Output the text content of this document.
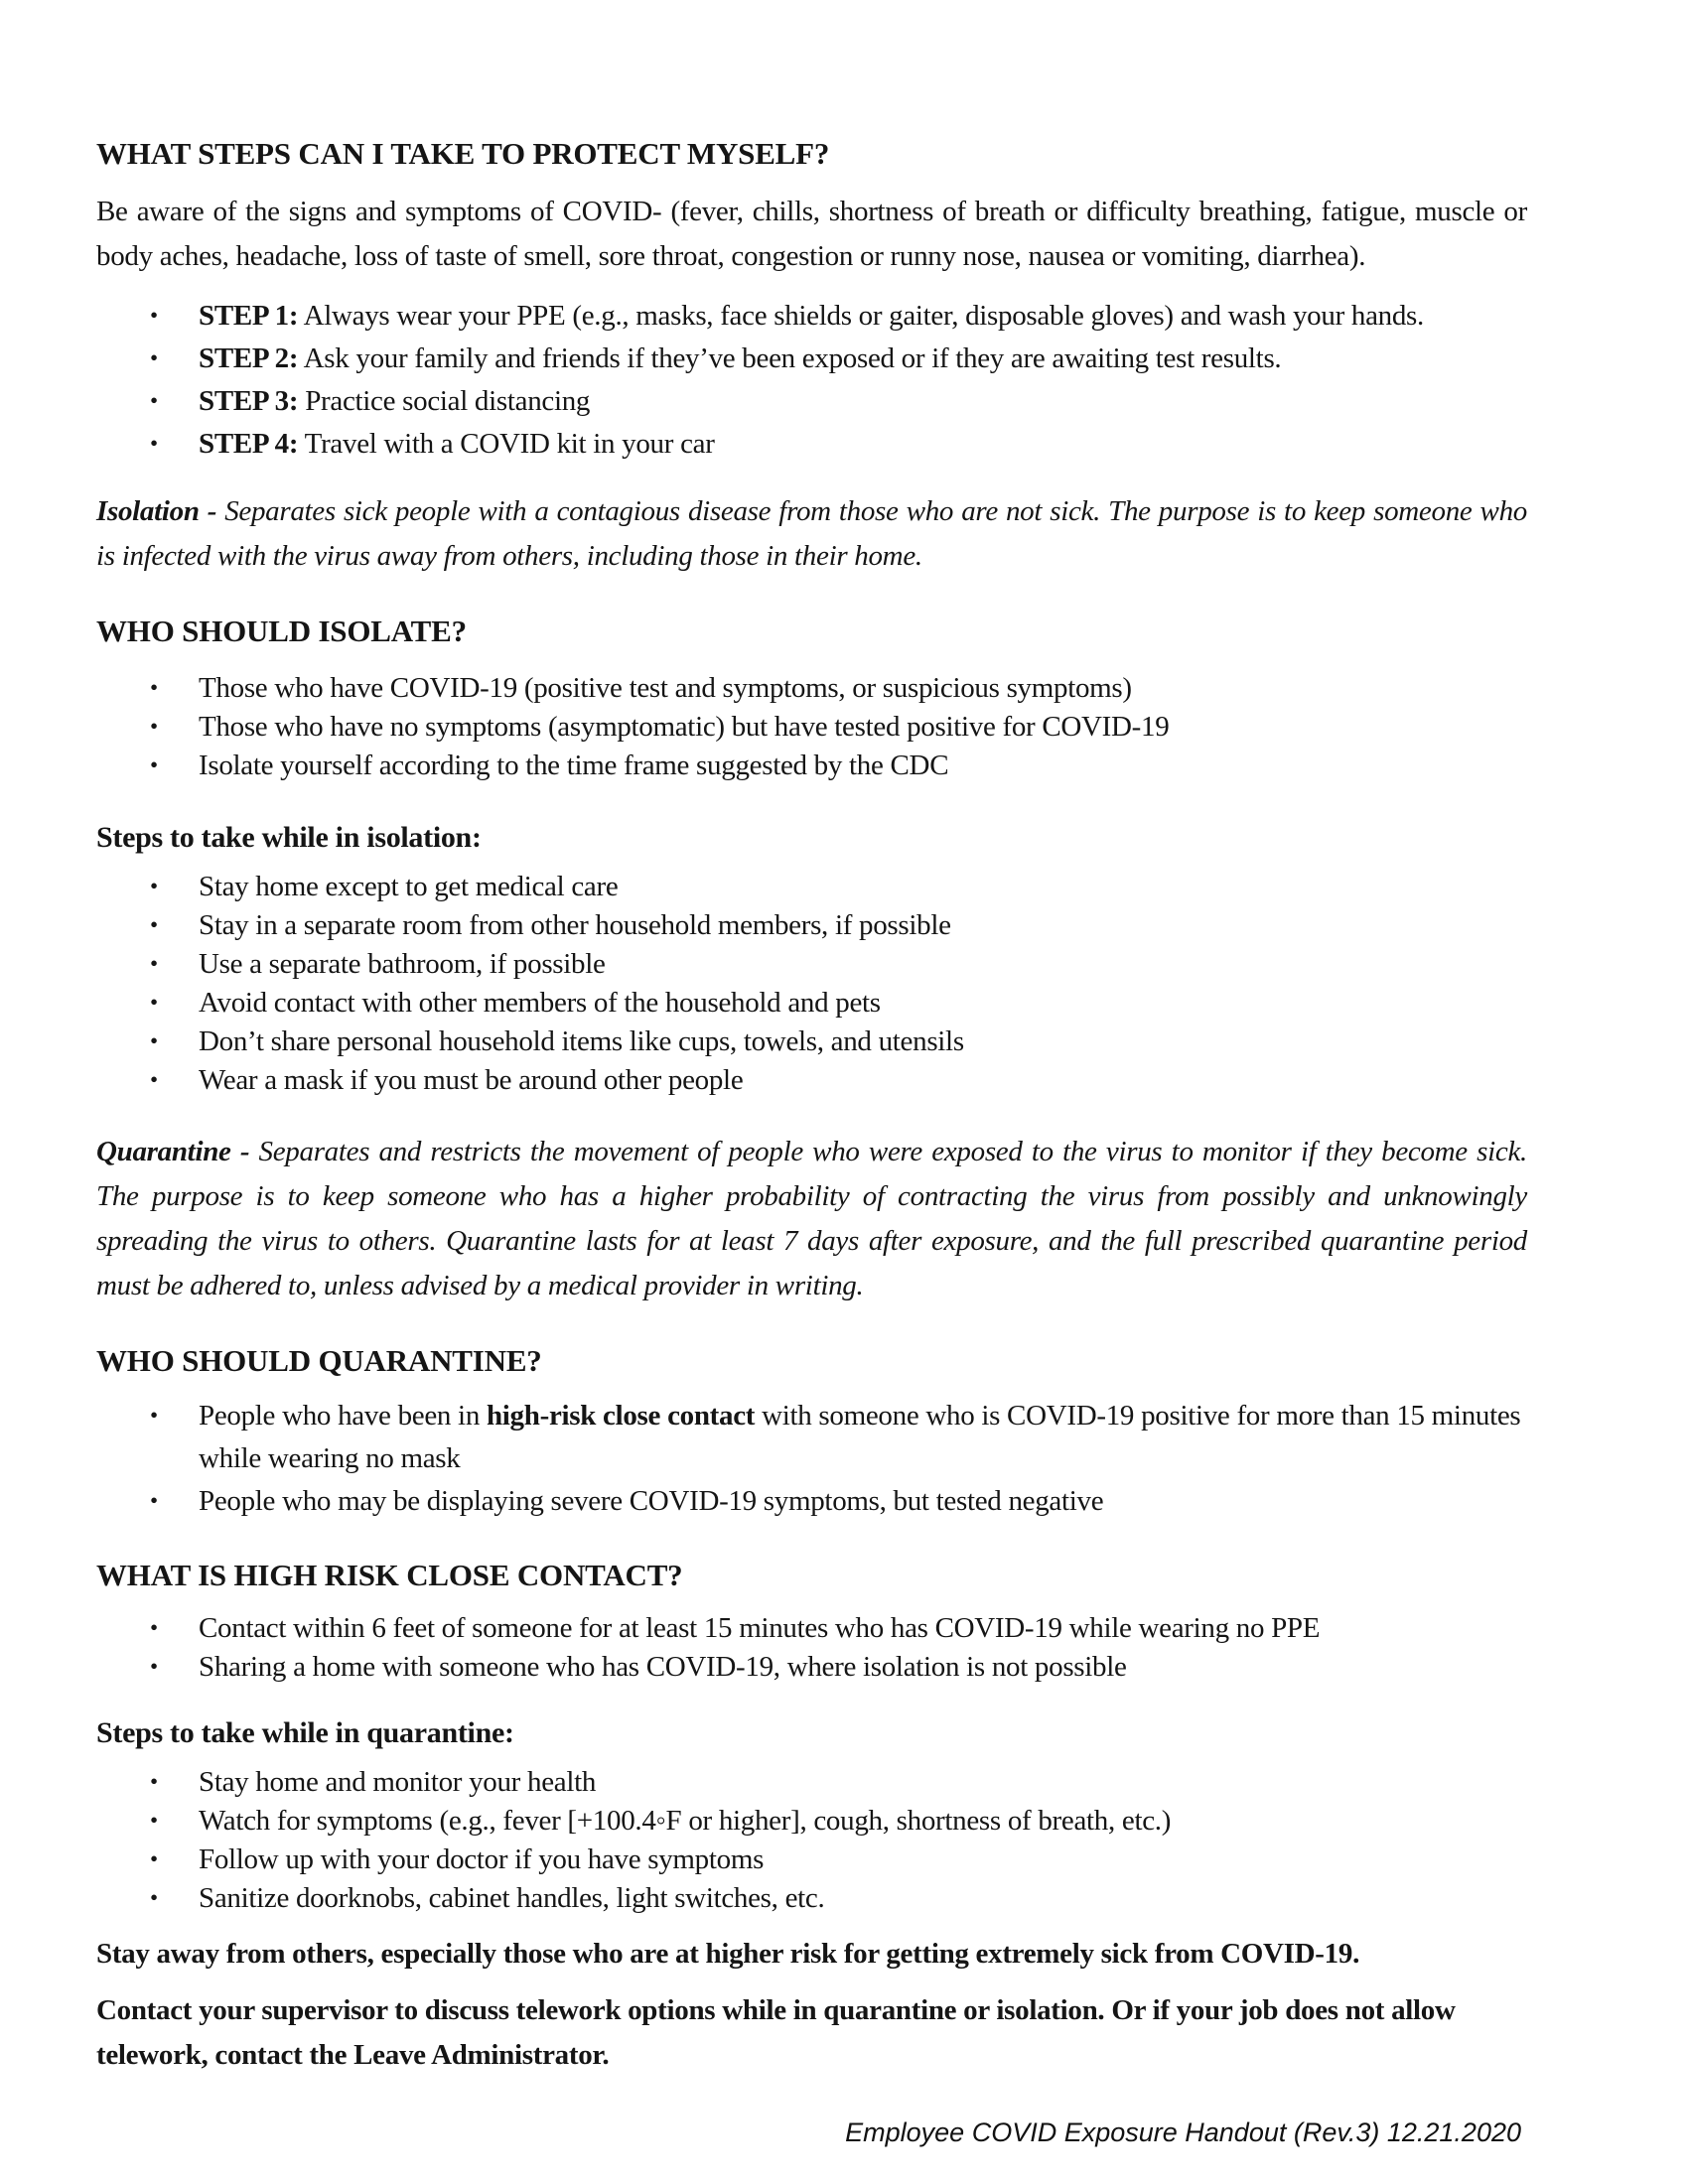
WHAT STEPS CAN I TAKE TO PROTECT MYSELF?

Be aware of the signs and symptoms of COVID- (fever, chills, shortness of breath or difficulty breathing, fatigue, muscle or body aches, headache, loss of taste of smell, sore throat, congestion or runny nose, nausea or vomiting, diarrhea).

• STEP 1: Always wear your PPE (e.g., masks, face shields or gaiter, disposable gloves) and wash your hands.
• STEP 2: Ask your family and friends if they’ve been exposed or if they are awaiting test results.
• STEP 3: Practice social distancing
• STEP 4: Travel with a COVID kit in your car

Isolation - Separates sick people with a contagious disease from those who are not sick. The purpose is to keep someone who is infected with the virus away from others, including those in their home.

WHO SHOULD ISOLATE?
• Those who have COVID-19 (positive test and symptoms, or suspicious symptoms)
• Those who have no symptoms (asymptomatic) but have tested positive for COVID-19
• Isolate yourself according to the time frame suggested by the CDC
Steps to take while in isolation:
• Stay home except to get medical care
• Stay in a separate room from other household members, if possible
• Use a separate bathroom, if possible
• Avoid contact with other members of the household and pets
• Don’t share personal household items like cups, towels, and utensils
• Wear a mask if you must be around other people

Quarantine - Separates and restricts the movement of people who were exposed to the virus to monitor if they become sick. The purpose is to keep someone who has a higher probability of contracting the virus from possibly and unknowingly spreading the virus to others. Quarantine lasts for at least 7 days after exposure, and the full prescribed quarantine period must be adhered to, unless advised by a medical provider in writing.

WHO SHOULD QUARANTINE?
• People who have been in high-risk close contact with someone who is COVID-19 positive for more than 15 minutes while wearing no mask
• People who may be displaying severe COVID-19 symptoms, but tested negative
WHAT IS HIGH RISK CLOSE CONTACT?
• Contact within 6 feet of someone for at least 15 minutes who has COVID-19 while wearing no PPE
• Sharing a home with someone who has COVID-19, where isolation is not possible
Steps to take while in quarantine:
• Stay home and monitor your health
• Watch for symptoms (e.g., fever [+100.4◦F or higher], cough, shortness of breath, etc.)
• Follow up with your doctor if you have symptoms
• Sanitize doorknobs, cabinet handles, light switches, etc.

Stay away from others, especially those who are at higher risk for getting extremely sick from COVID-19.

Contact your supervisor to discuss telework options while in quarantine or isolation. Or if your job does not allow telework, contact the Leave Administrator.

Employee COVID Exposure Handout (Rev.3) 12.21.2020
